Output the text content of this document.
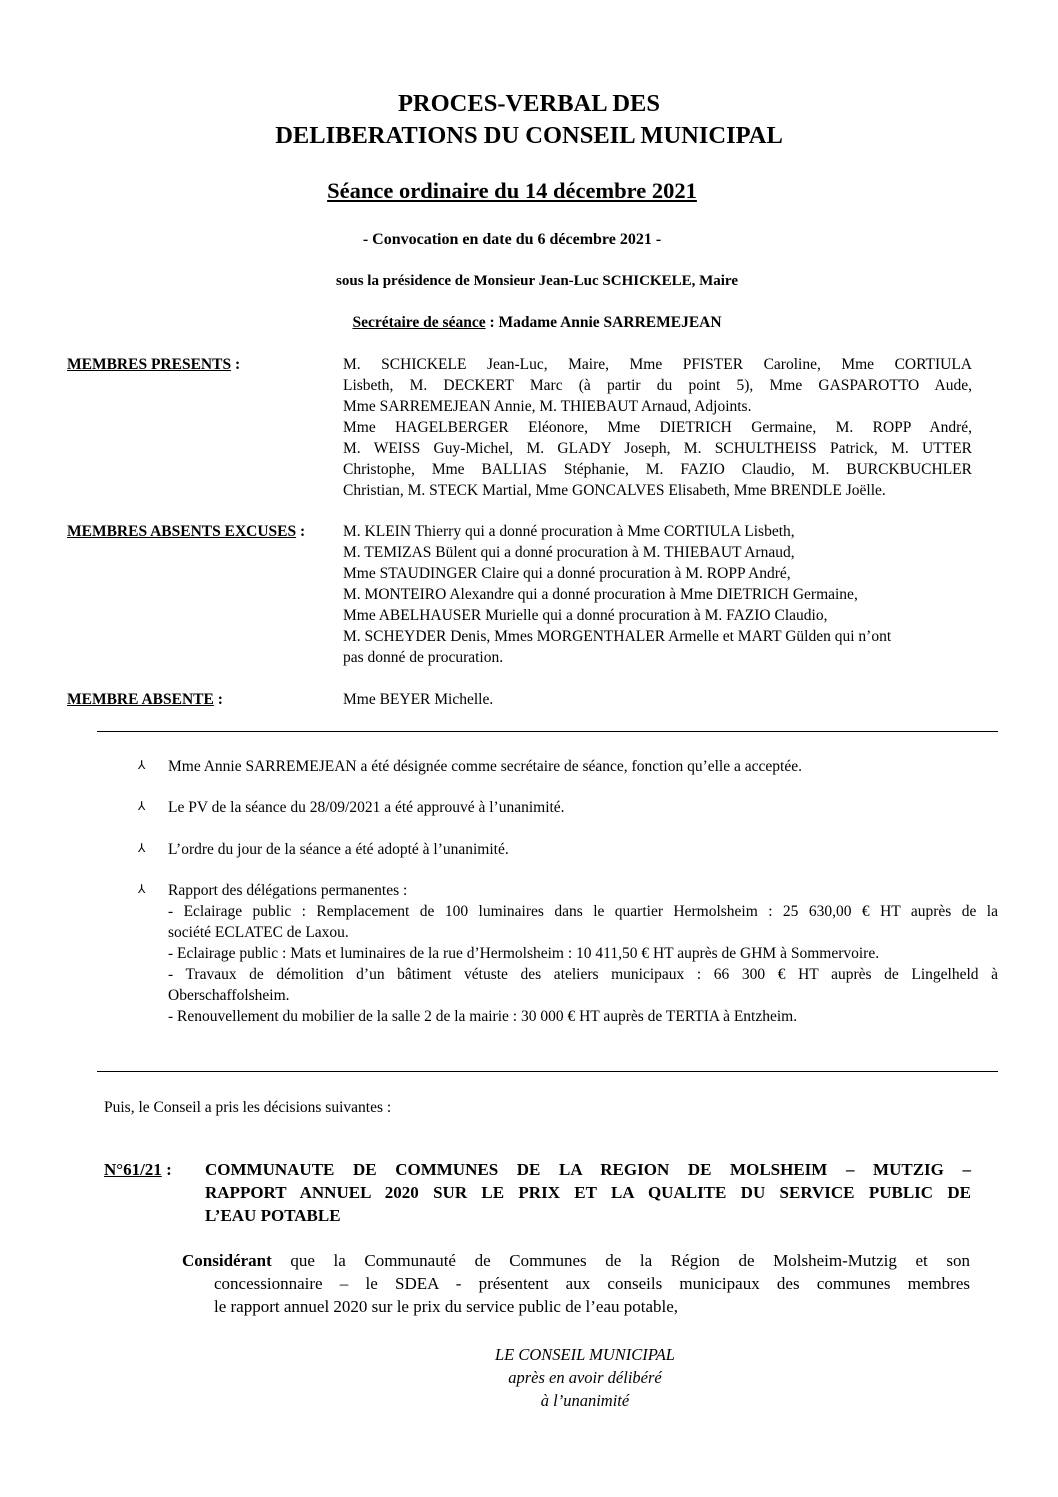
PROCES-VERBAL DES
DELIBERATIONS DU CONSEIL MUNICIPAL
Séance ordinaire du 14 décembre 2021
- Convocation en date du 6 décembre 2021 -
sous la présidence de Monsieur Jean-Luc SCHICKELE, Maire
Secrétaire de séance : Madame Annie SARREMEJEAN
MEMBRES PRESENTS :	M. SCHICKELE Jean-Luc, Maire, Mme PFISTER Caroline, Mme CORTIULA
Lisbeth, M. DECKERT Marc (à partir du point 5), Mme GASPAROTTO Aude,
Mme SARREMEJEAN Annie, M. THIEBAUT Arnaud, Adjoints.
Mme HAGELBERGER Eléonore, Mme DIETRICH Germaine, M. ROPP André,
M. WEISS Guy-Michel, M. GLADY Joseph, M. SCHULTHEISS Patrick, M. UTTER
Christophe, Mme BALLIAS Stéphanie, M. FAZIO Claudio, M. BURCKBUCHLER
Christian, M. STECK Martial, Mme GONCALVES Elisabeth, Mme BRENDLE Joëlle.
MEMBRES ABSENTS EXCUSES : M. KLEIN Thierry qui a donné procuration à Mme CORTIULA Lisbeth,
M. TEMIZAS Bülent qui a donné procuration à M. THIEBAUT Arnaud,
Mme STAUDINGER Claire qui a donné procuration à M. ROPP André,
M. MONTEIRO Alexandre qui a donné procuration à Mme DIETRICH Germaine,
Mme ABELHAUSER Murielle qui a donné procuration à M. FAZIO Claudio,
M. SCHEYDER Denis, Mmes MORGENTHALER Armelle et MART Gülden qui n’ont
pas donné de procuration.
MEMBRE ABSENTE :	Mme BEYER Michelle.
⅄ Mme Annie SARREMEJEAN a été désignée comme secrétaire de séance, fonction qu’elle a acceptée.
⅄ Le PV de la séance du 28/09/2021 a été approuvé à l’unanimité.
⅄ L’ordre du jour de la séance a été adopté à l’unanimité.
⅄ Rapport des délégations permanentes :
- Eclairage public : Remplacement de 100 luminaires dans le quartier Hermolsheim : 25 630,00 € HT auprès de la
société ECLATEC de Laxou.
- Eclairage public : Mats et luminaires de la rue d’Hermolsheim : 10 411,50 € HT auprès de GHM à Sommervoire.
- Travaux de démolition d’un bâtiment vétuste des ateliers municipaux : 66 300 € HT auprès de Lingelheld à
Oberschaffolsheim.
- Renouvellement du mobilier de la salle 2 de la mairie : 30 000 € HT auprès de TERTIA à Entzheim.
Puis, le Conseil a pris les décisions suivantes :
N°61/21 : COMMUNAUTE DE COMMUNES DE LA REGION DE MOLSHEIM – MUTZIG –
RAPPORT ANNUEL 2020 SUR LE PRIX ET LA QUALITE DU SERVICE PUBLIC DE
L’EAU POTABLE
Considérant que la Communauté de Communes de la Région de Molsheim-Mutzig et son
concessionnaire – le SDEA - présentent aux conseils municipaux des communes membres
le rapport annuel 2020 sur le prix du service public de l’eau potable,
LE CONSEIL MUNICIPAL
après en avoir délibéré
à l’unanimité
